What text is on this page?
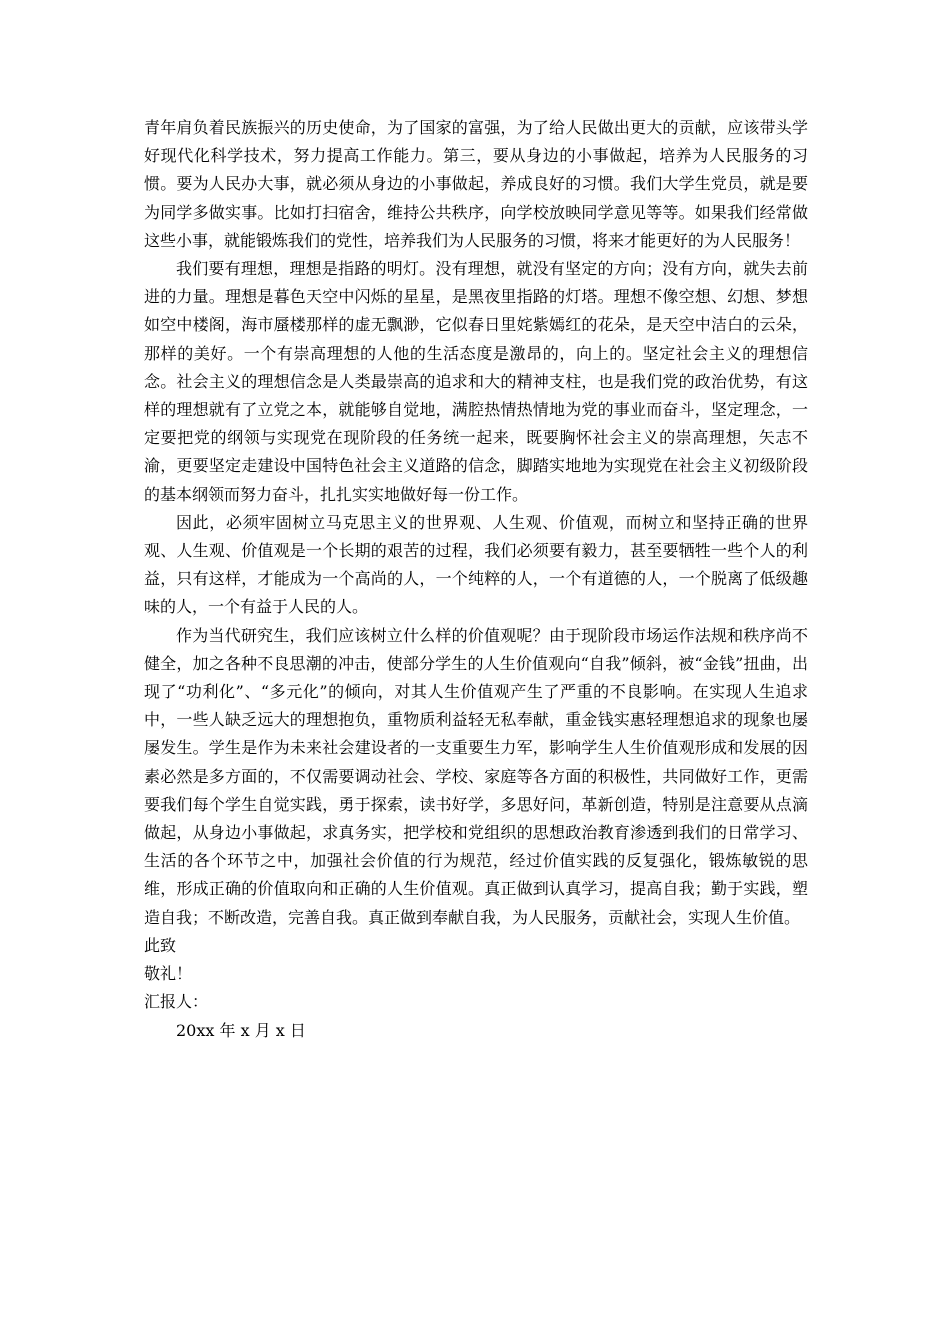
青年肩负着民族振兴的历史使命，为了国家的富强，为了给人民做出更大的贡献，应该带头学好现代化科学技术，努力提高工作能力。第三，要从身边的小事做起，培养为人民服务的习惯。要为人民办大事，就必须从身边的小事做起，养成良好的习惯。我们大学生党员，就是要为同学多做实事。比如打扫宿舍，维持公共秩序，向学校放映同学意见等等。如果我们经常做这些小事，就能锻炼我们的党性，培养我们为人民服务的习惯，将来才能更好的为人民服务！

我们要有理想，理想是指路的明灯。没有理想，就没有坚定的方向；没有方向，就失去前进的力量。理想是暮色天空中闪烁的星星，是黑夜里指路的灯塔。理想不像空想、幻想、梦想如空中楼阁，海市蜃楼那样的虚无飘渺，它似春日里姹紫嫣红的花朵，是天空中洁白的云朵，那样的美好。一个有崇高理想的人他的生活态度是激昂的，向上的。坚定社会主义的理想信念。社会主义的理想信念是人类最崇高的追求和大的精神支柱，也是我们党的政治优势，有这样的理想就有了立党之本，就能够自觉地，满腔热情热情地为党的事业而奋斗，坚定理念，一定要把党的纲领与实现党在现阶段的任务统一起来，既要胸怀社会主义的崇高理想，矢志不渝，更要坚定走建设中国特色社会主义道路的信念，脚踏实地地为实现党在社会主义初级阶段的基本纲领而努力奋斗，扎扎实实地做好每一份工作。

因此，必须牢固树立马克思主义的世界观、人生观、价值观，而树立和坚持正确的世界观、人生观、价值观是一个长期的艰苦的过程，我们必须要有毅力，甚至要牺牲一些个人的利益，只有这样，才能成为一个高尚的人，一个纯粹的人，一个有道德的人，一个脱离了低级趣味的人，一个有益于人民的人。

作为当代研究生，我们应该树立什么样的价值观呢？由于现阶段市场运作法规和秩序尚不健全，加之各种不良思潮的冲击，使部分学生的人生价值观向“自我”倾斜，被“金钱”扭曲，出现了“功利化”、“多元化”的倾向，对其人生价值观产生了严重的不良影响。在实现人生追求中，一些人缺乏远大的理想抱负，重物质利益轻无私奉献，重金钱实惠轻理想追求的现象也屡屡发生。学生是作为未来社会建设者的一支重要生力军，影响学生人生价值观形成和发展的因素必然是多方面的，不仅需要调动社会、学校、家庭等各方面的积极性，共同做好工作，更需要我们每个学生自觉实践，勇于探索，读书好学，多思好问，革新创造，特别是注意要从点滴做起，从身边小事做起，求真务实，把学校和党组织的思想政治教育渗透到我们的日常学习、生活的各个环节之中，加强社会价值的行为规范，经过价值实践的反复强化，锻炼敏锐的思维，形成正确的价值取向和正确的人生价值观。真正做到认真学习，提高自我；勤于实践，塑造自我；不断改造，完善自我。真正做到奉献自我，为人民服务，贡献社会，实现人生价值。

此致

敬礼！

汇报人：

20xx 年 x 月 x 日
